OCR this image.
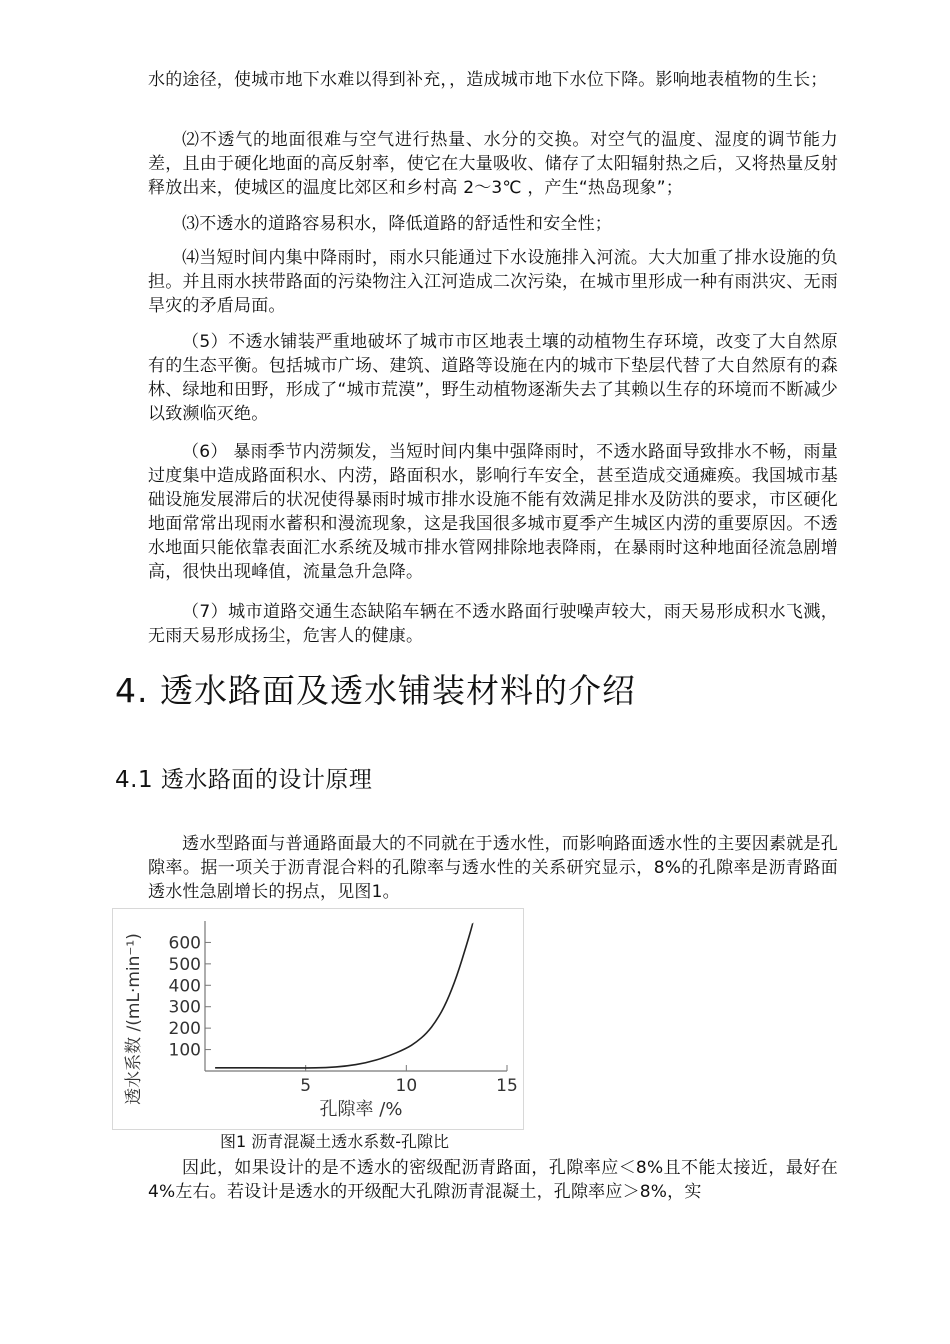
水的途径，使城市地下水难以得到补充，，造成城市地下水位下降。影响地表植物的生长；

⑵不透气的地面很难与空气进行热量、水分的交换。对空气的温度、湿度的调节能力差，且由于硬化地面的高反射率，使它在大量吸收、储存了太阳辐射热之后，又将热量反射释放出来，使城区的温度比郊区和乡村高 2～3℃ ，产生“热岛现象”；

⑶不透水的道路容易积水，降低道路的舒适性和安全性；

⑷当短时间内集中降雨时，雨水只能通过下水设施排入河流。大大加重了排水设施的负担。并且雨水挟带路面的污染物注入江河造成二次污染，在城市里形成一种有雨洪灾、无雨旱灾的矛盾局面。

（5）不透水铺装严重地破坏了城市市区地表土壤的动植物生存环境，改变了大自然原有的生态平衡。包括城市广场、建筑、道路等设施在内的城市下垫层代替了大自然原有的森林、绿地和田野，形成了“城市荒漠”，野生动植物逐渐失去了其赖以生存的环境而不断减少以致濒临灭绝。

（6） 暴雨季节内涝频发，当短时间内集中强降雨时，不透水路面导致排水不畅，雨量过度集中造成路面积水、内涝，路面积水，影响行车安全，甚至造成交通瘫痪。我国城市基础设施发展滞后的状况使得暴雨时城市排水设施不能有效满足排水及防洪的要求，市区硬化地面常常出现雨水蓄积和漫流现象，这是我国很多城市夏季产生城区内涝的重要原因。不透水地面只能依靠表面汇水系统及城市排水管网排除地表降雨，在暴雨时这种地面径流急剧增高，很快出现峰值，流量急升急降。

（7）城市道路交通生态缺陷车辆在不透水路面行驶噪声较大，雨天易形成积水飞溅，无雨天易形成扬尘，危害人的健康。

4. 透水路面及透水铺装材料的介绍
4.1 透水路面的设计原理

透水型路面与普通路面最大的不同就在于透水性，而影响路面透水性的主要因素就是孔隙率。据一项关于沥青混合料的孔隙率与透水性的关系研究显示，8%的孔隙率是沥青路面透水性急剧增长的拐点，见图1。

100
200
300
400
500
600
5	10	15
透水系数 /(mL·min⁻¹)
孔隙率 /%

图1 沥青混凝土透水系数-孔隙比

因此，如果设计的是不透水的密级配沥青路面，孔隙率应＜8%且不能太接近，最好在 4%左右。若设计是透水的开级配大孔隙沥青混凝土，孔隙率应＞8%，实
